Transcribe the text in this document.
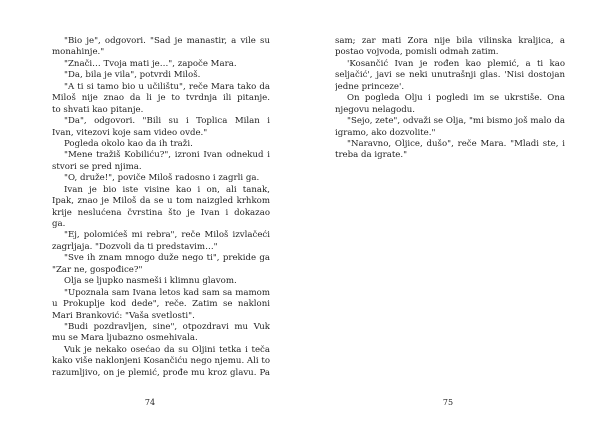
"Bio je", odgovori. "Sad je manastir, a vile su
monahinje."
"Znači… Tvoja mati je…", započe Mara.
"Da, bila je vila", potvrdi Miloš.
"A ti si tamo bio u učilištu", reče Mara tako da
Miloš nije znao da li je to tvrdnja ili pitanje.
to shvati kao pitanje.
"Da", odgovori. "Bili su i Toplica Milan i
Ivan, vitezovi koje sam video ovde."
Pogleda okolo kao da ih traži.
"Mene tražiš Kobiliću?", izroni Ivan odnekud i
stvori se pred njima.
"O, druže!", poviče Miloš radosno i zagrli ga.
Ivan je bio iste visine kao i on, ali tanak,
Ipak, znao je Miloš da se u tom naizgled krhkom
krije neslućena čvrstina što je Ivan i dokazao
ga.
"Ej, polomićeš mi rebra", reče Miloš izvlačeći
zagrljaja. "Dozvoli da ti predstavim…"
"Sve ih znam mnogo duže nego ti", prekide ga
"Zar ne, gospođice?"
Olja se ljupko nasmeši i klimnu glavom.
"Upoznala sam Ivana letos kad sam sa mamom
u Prokuplje kod dede", reče. Zatim se nakloni
Mari Branković: "Vaša svetlosti".
"Budi pozdravljen, sine", otpozdravi mu Vuk
mu se Mara ljubazno osmehivala.
Vuk je nekako osećao da su Oljini tetka i teča
kako više naklonjeni Kosančiću nego njemu. Ali to
razumljivo, on je plemić, prođe mu kroz glavu. Pa
sam; zar mati Zora nije bila vilinska kraljica, a
postao vojvoda, pomisli odmah zatim.
'Kosančić Ivan je rođen kao plemić, a ti kao
seljačić', javi se neki unutrašnji glas. 'Nisi dostojan
jedne princeze'.
On pogleda Olju i pogledi im se ukrstiše. Ona
njegovu nelagodu.
"Sejo, zete", odvaži se Olja, "mi bismo još malo da
igramo, ako dozvolite."
"Naravno, Oljice, dušo", reče Mara. "Mladi ste, i
treba da igrate."
74	75
